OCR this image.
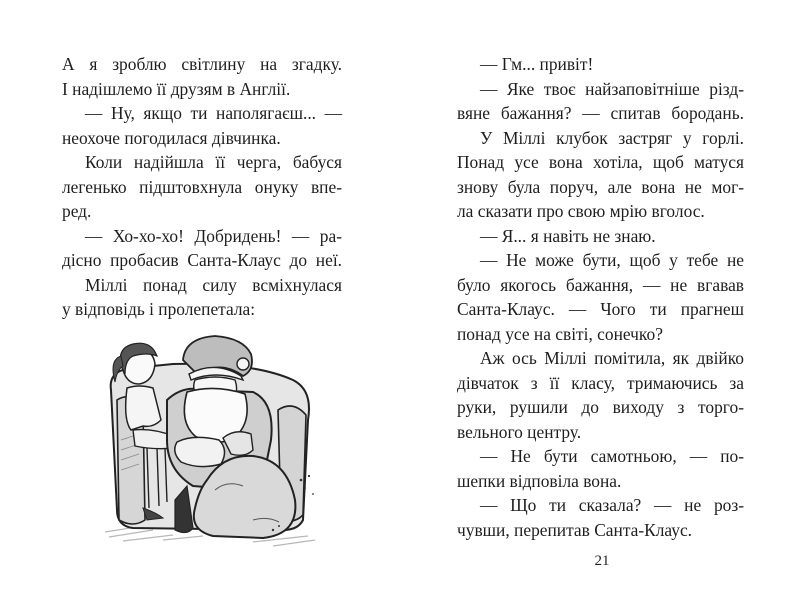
А я зроблю світлину на згадку.
І надішлемо її друзям в Англії.
— Ну, якщо ти наполягаєш... —
неохоче погодилася дівчинка.
Коли надійшла її черга, бабуся
легенько підштовхнула онуку впе-
ред.
— Хо-хо-хо! Добридень! — ра-
дісно пробасив Санта-Клаус до неї.
Міллі понад силу всміхнулася
у відповідь і пролепетала:
— Гм... привіт!
— Яке твоє найзаповітніше різд-
вяне бажання? — спитав бородань.
У Міллі клубок застряг у горлі.
Понад усе вона хотіла, щоб матуся
знову була поруч, але вона не мог-
ла сказати про свою мрію вголос.
— Я... я навіть не знаю.
— Не може бути, щоб у тебе не
було якогось бажання, — не вгавав
Санта-Клаус. — Чого ти прагнеш
понад усе на світі, сонечко?
Аж ось Міллі помітила, як двійко
дівчаток з її класу, тримаючись за
руки, рушили до виходу з торго-
вельного центру.
— Не бути самотньою, — по-
шепки відповіла вона.
— Що ти сказала? — не роз-
чувши, перепитав Санта-Клаус.
21
